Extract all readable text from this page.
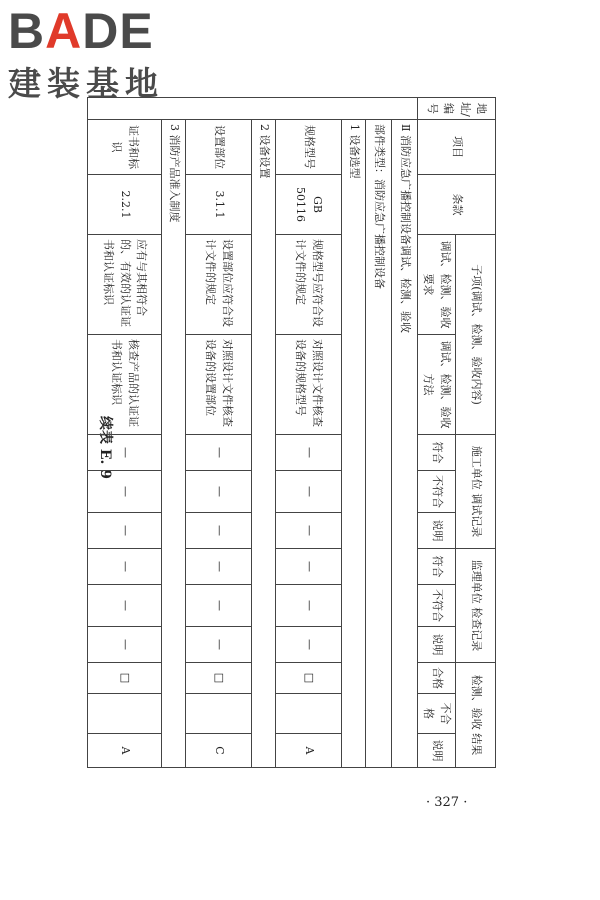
BADE
建装基地
续表 E. 9
地址/编号	项目	条款	子项(调试、检测、验收内容)		施工单位 调试记录			监理单位 检查记录			检测、验收 结果		
			调试、检测、验收要求	调试、检测、验收方法	符合	不符合	说明	符合	不符合	说明	合格	不合格	说明
	Ⅱ 消防应急广播控制设备调试、检测、验收												
	部件类型：消防应急广播控制设备												
	1 设备选型												
	规格型号	GB 50116	规格型号应符合设计文件的规定	对照设计文件核查设备的规格型号	—	—	—	—	—	—	□		A
	2 设备设置												
	设置部位	3.1.1	设置部位应符合设计文件的规定	对照设计文件核查设备的设置部位	—	—	—	—	—	—	□		C
	3 消防产品准入制度												
	证书和标识	2.2.1	应有与其相符合的、有效的认证证书和认证标识	核查产品的认证证书和认证标识	—	—	—	—	—	—	□		A
· 327 ·
